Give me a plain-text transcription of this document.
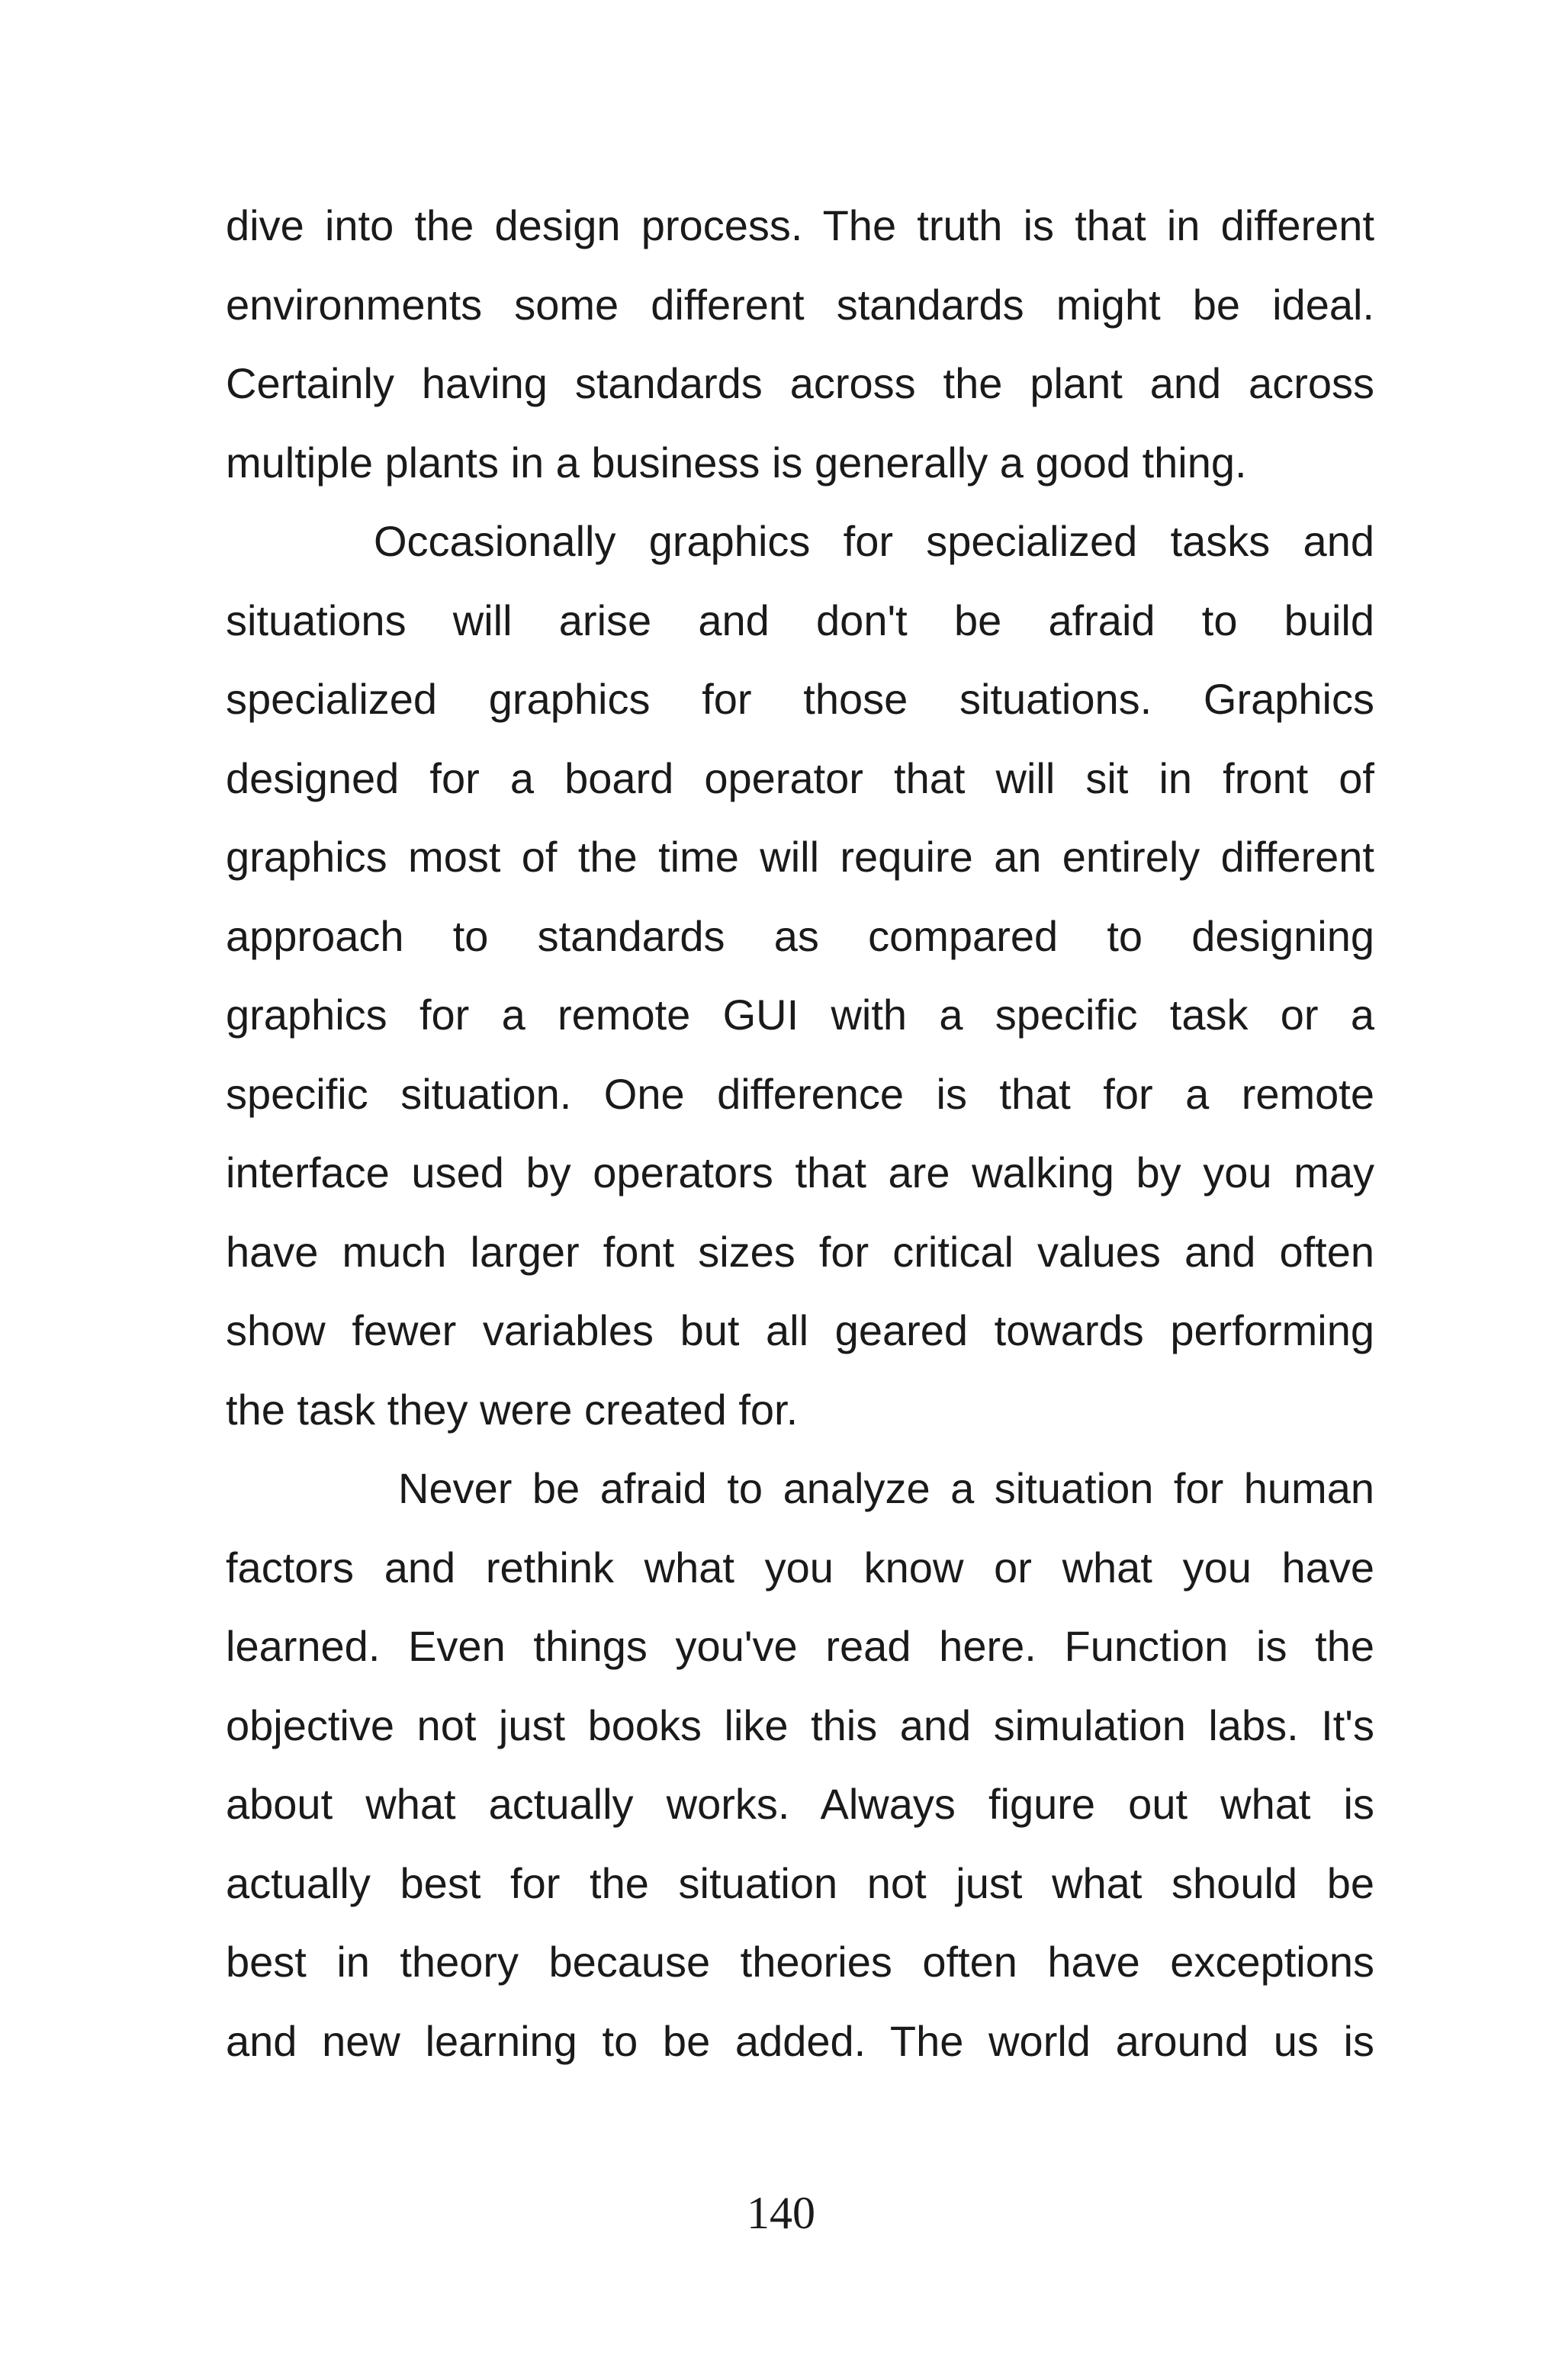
dive into the design process. The truth is that in different
environments some different standards might be ideal.
Certainly having standards across the plant and across
multiple plants in a business is generally a good thing.
Occasionally graphics for specialized tasks and
situations will arise and don't be afraid to build
specialized graphics for those situations. Graphics
designed for a board operator that will sit in front of
graphics most of the time will require an entirely different
approach to standards as compared to designing
graphics for a remote GUI with a specific task or a
specific situation. One difference is that for a remote
interface used by operators that are walking by you may
have much larger font sizes for critical values and often
show fewer variables but all geared towards performing
the task they were created for.
Never be afraid to analyze a situation for human
factors and rethink what you know or what you have
learned. Even things you've read here. Function is the
objective not just books like this and simulation labs. It's
about what actually works. Always figure out what is
actually best for the situation not just what should be
best in theory because theories often have exceptions
and new learning to be added. The world around us is
140
